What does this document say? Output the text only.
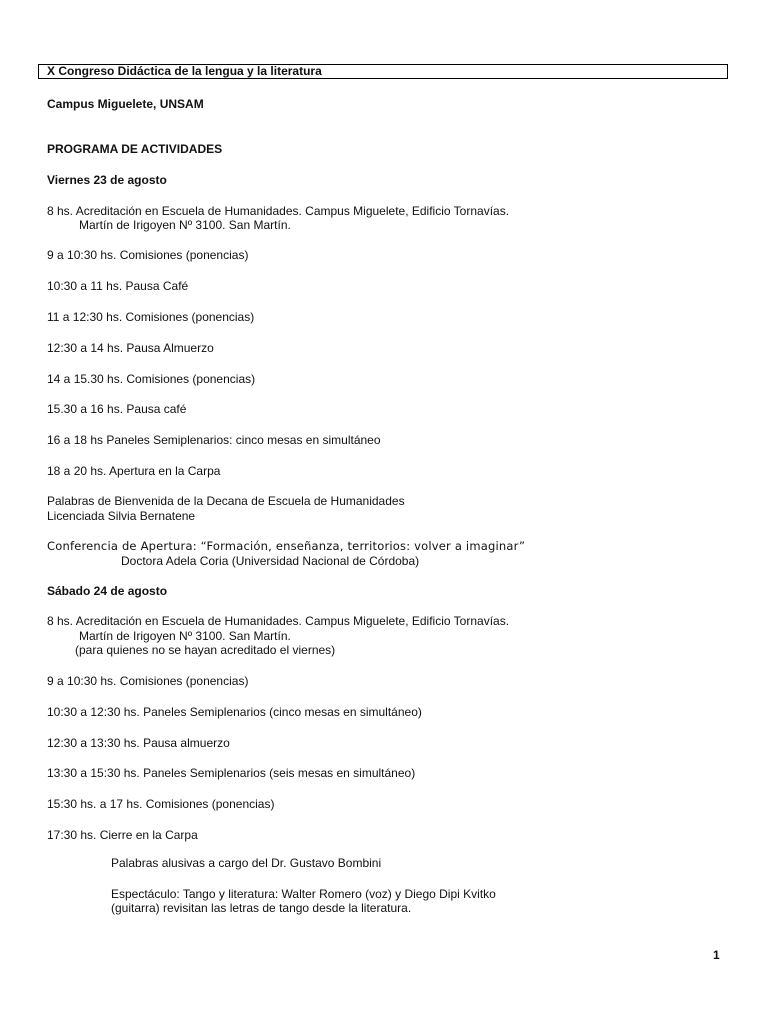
X Congreso Didáctica de la lengua y la literatura
Campus Miguelete, UNSAM
PROGRAMA DE ACTIVIDADES
Viernes 23 de agosto
8 hs. Acreditación en Escuela de Humanidades. Campus Miguelete, Edificio Tornavías.
Martín de Irigoyen Nº 3100. San Martín.
9 a 10:30 hs. Comisiones (ponencias)
10:30 a 11 hs. Pausa Café
11 a 12:30 hs. Comisiones (ponencias)
12:30 a 14 hs. Pausa Almuerzo
14 a 15.30 hs. Comisiones (ponencias)
15.30 a 16 hs. Pausa café
16 a 18 hs Paneles Semiplenarios: cinco mesas en simultáneo
18 a 20 hs. Apertura en la Carpa
Palabras de Bienvenida de la Decana de Escuela de Humanidades
Licenciada Silvia Bernatene
Conferencia de Apertura: “Formación, enseñanza, territorios: volver a imaginar”
Doctora Adela Coria (Universidad Nacional de Córdoba)
Sábado 24 de agosto
8 hs. Acreditación en Escuela de Humanidades. Campus Miguelete, Edificio Tornavías.
Martín de Irigoyen Nº 3100. San Martín.
(para quienes no se hayan acreditado el viernes)
9 a 10:30 hs. Comisiones (ponencias)
10:30 a 12:30 hs. Paneles Semiplenarios (cinco mesas en simultáneo)
12:30 a 13:30 hs. Pausa almuerzo
13:30 a 15:30 hs. Paneles Semiplenarios (seis mesas en simultáneo)
15:30 hs. a 17 hs. Comisiones (ponencias)
17:30 hs. Cierre en la Carpa
Palabras alusivas a cargo del Dr. Gustavo Bombini
Espectáculo: Tango y literatura: Walter Romero (voz) y Diego Dipi Kvitko
(guitarra) revisitan las letras de tango desde la literatura.
1
